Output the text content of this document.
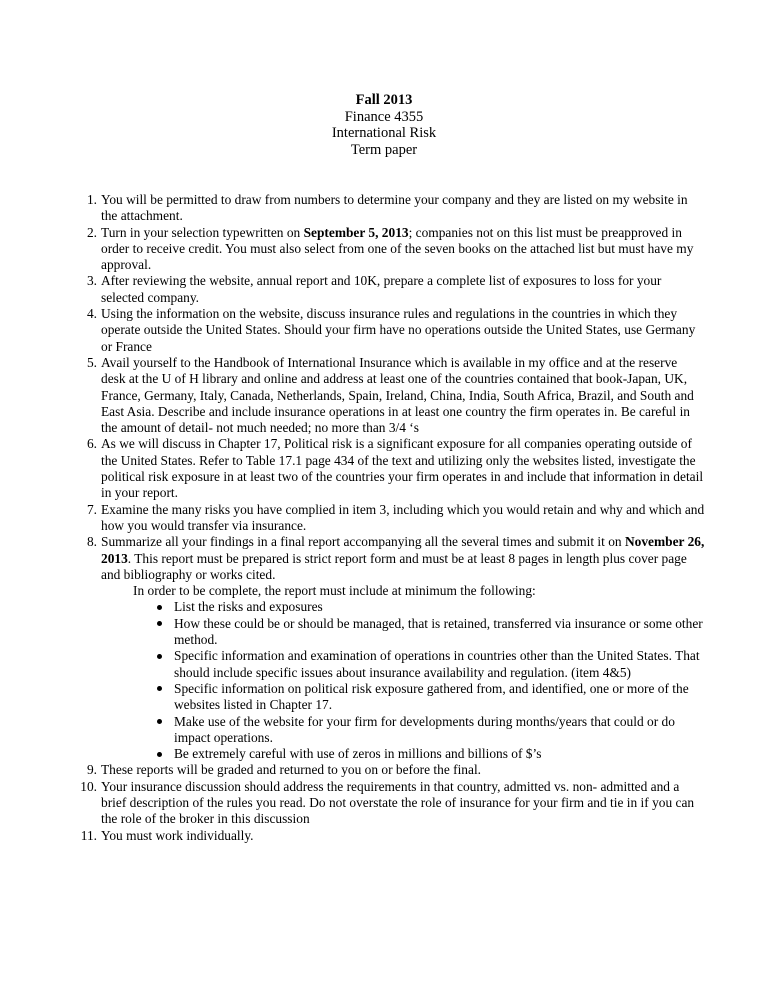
Fall 2013
Finance 4355
International Risk
Term paper
1. You will be permitted to draw from numbers to determine your company and they are listed on my website in the attachment.
2. Turn in your selection typewritten on September 5, 2013; companies not on this list must be preapproved in order to receive credit. You must also select from one of the seven books on the attached list but must have my approval.
3. After reviewing the website, annual report and 10K, prepare a complete list of exposures to loss for your selected company.
4. Using the information on the website, discuss insurance rules and regulations in the countries in which they operate outside the United States. Should your firm have no operations outside the United States, use Germany or France
5. Avail yourself to the Handbook of International Insurance which is available in my office and at the reserve desk at the U of H library and online and address at least one of the countries contained that book-Japan, UK, France, Germany, Italy, Canada, Netherlands, Spain, Ireland, China, India, South Africa, Brazil, and South and East Asia. Describe and include insurance operations in at least one country the firm operates in. Be careful in the amount of detail- not much needed; no more than 3/4 ‘s
6. As we will discuss in Chapter 17, Political risk is a significant exposure for all companies operating outside of the United States. Refer to Table 17.1 page 434 of the text and utilizing only the websites listed, investigate the political risk exposure in at least two of the countries your firm operates in and include that information in detail in your report.
7. Examine the many risks you have complied in item 3, including which you would retain and why and which and how you would transfer via insurance.
8. Summarize all your findings in a final report accompanying all the several times and submit it on November 26, 2013. This report must be prepared is strict report form and must be at least 8 pages in length plus cover page and bibliography or works cited.
In order to be complete, the report must include at minimum the following:
List the risks and exposures
How these could be or should be managed, that is retained, transferred via insurance or some other method.
Specific information and examination of operations in countries other than the United States. That should include specific issues about insurance availability and regulation. (item 4&5)
Specific information on political risk exposure gathered from, and identified, one or more of the websites listed in Chapter 17.
Make use of the website for your firm for developments during months/years that could or do impact operations.
Be extremely careful with use of zeros in millions and billions of $’s
9. These reports will be graded and returned to you on or before the final.
10. Your insurance discussion should address the requirements in that country, admitted vs. non- admitted and a brief description of the rules you read. Do not overstate the role of insurance for your firm and tie in if you can the role of the broker in this discussion
11. You must work individually.
